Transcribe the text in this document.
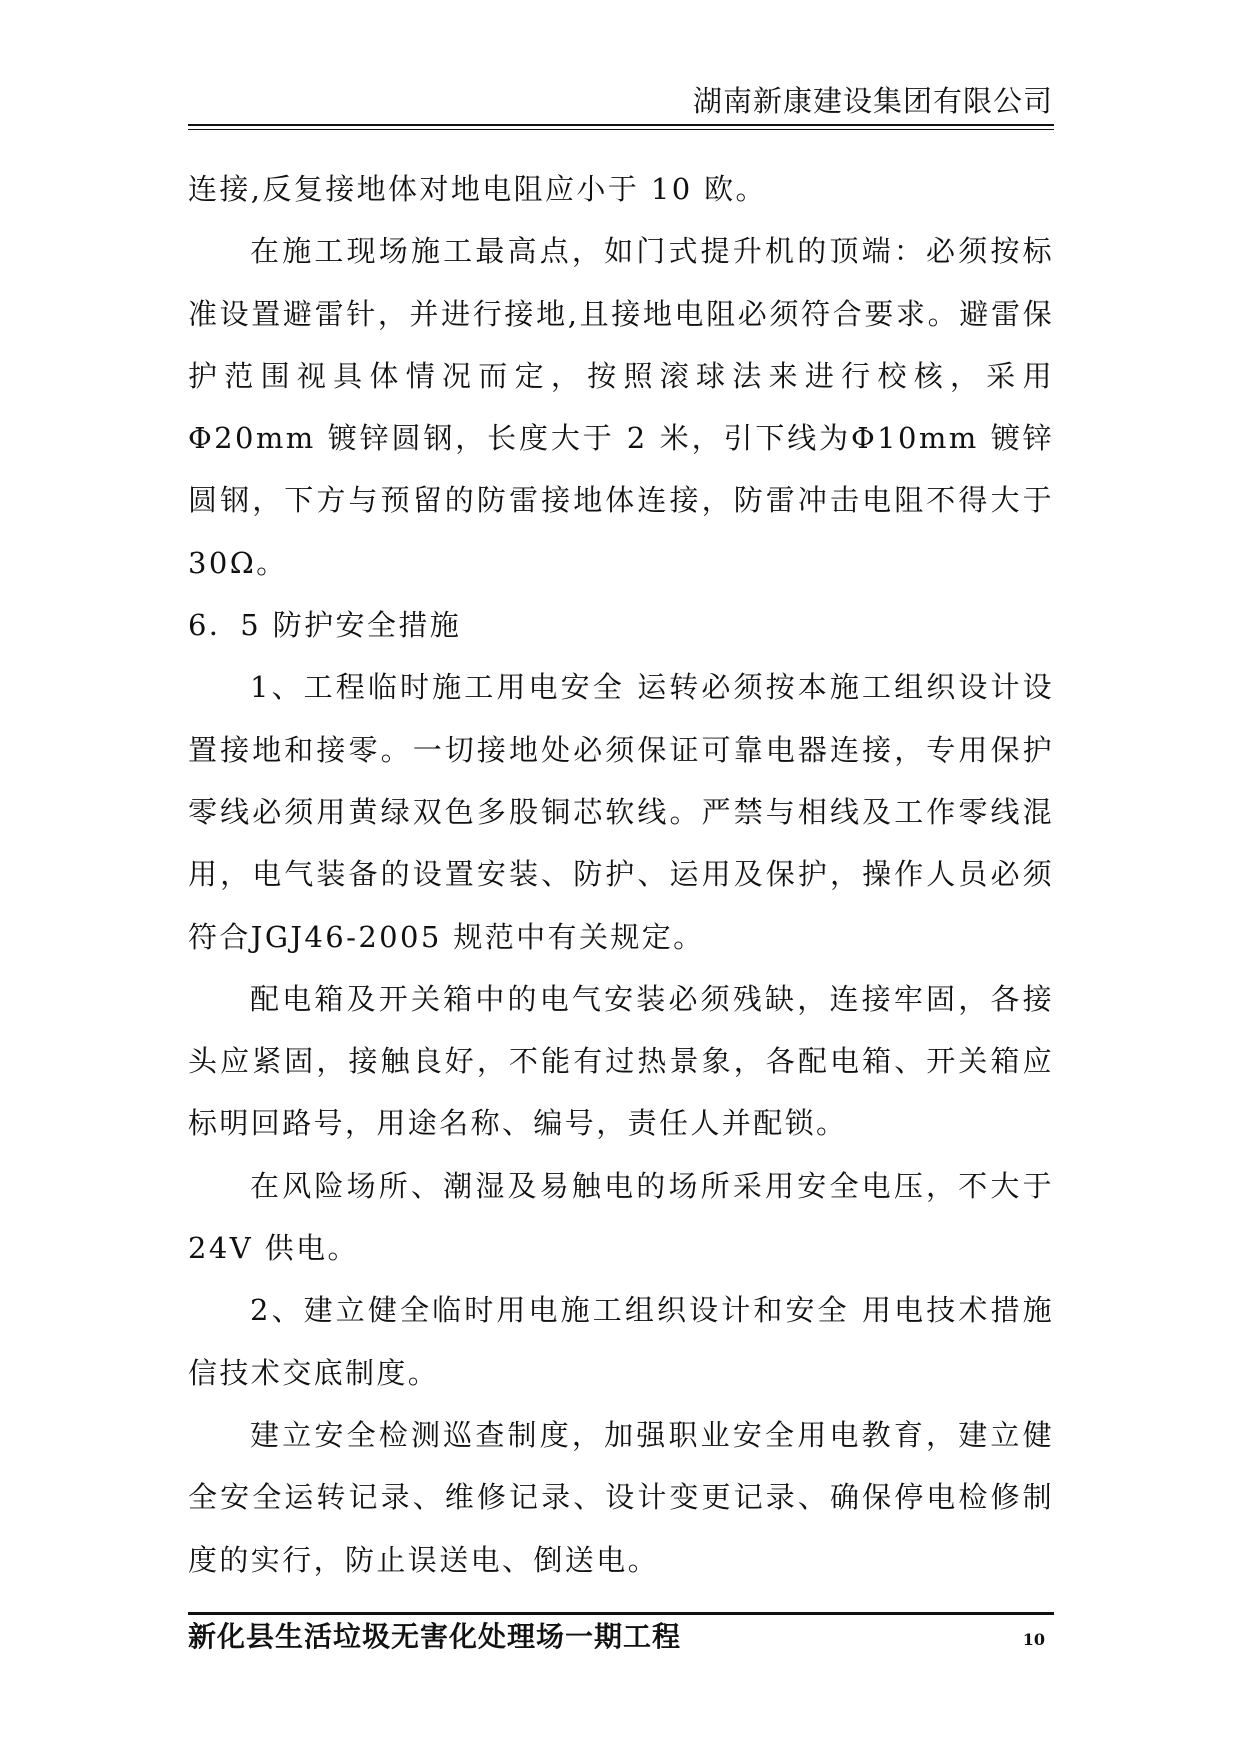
湖南新康建设集团有限公司

连接,反复接地体对地电阻应小于 10 欧。

在施工现场施工最高点，如门式提升机的顶端：必须按标准设置避雷针，并进行接地,且接地电阻必须符合要求。避雷保护范围视具体情况而定，按照滚球法来进行校核，采用Φ20mm 镀锌圆钢，长度大于 2 米，引下线为Φ10mm 镀锌圆钢，下方与预留的防雷接地体连接，防雷冲击电阻不得大于 30Ω。

6．5 防护安全措施

1、工程临时施工用电安全 运转必须按本施工组织设计设置接地和接零。一切接地处必须保证可靠电器连接，专用保护零线必须用黄绿双色多股铜芯软线。严禁与相线及工作零线混用，电气装备的设置安装、防护、运用及保护，操作人员必须符合JGJ46-2005 规范中有关规定。

配电箱及开关箱中的电气安装必须残缺，连接牢固，各接头应紧固，接触良好，不能有过热景象，各配电箱、开关箱应标明回路号，用途名称、编号，责任人并配锁。

在风险场所、潮湿及易触电的场所采用安全电压，不大于24V 供电。

2、建立健全临时用电施工组织设计和安全 用电技术措施信技术交底制度。

建立安全检测巡查制度，加强职业安全用电教育，建立健全安全运转记录、维修记录、设计变更记录、确保停电检修制度的实行，防止误送电、倒送电。

新化县生活垃圾无害化处理场一期工程	10
